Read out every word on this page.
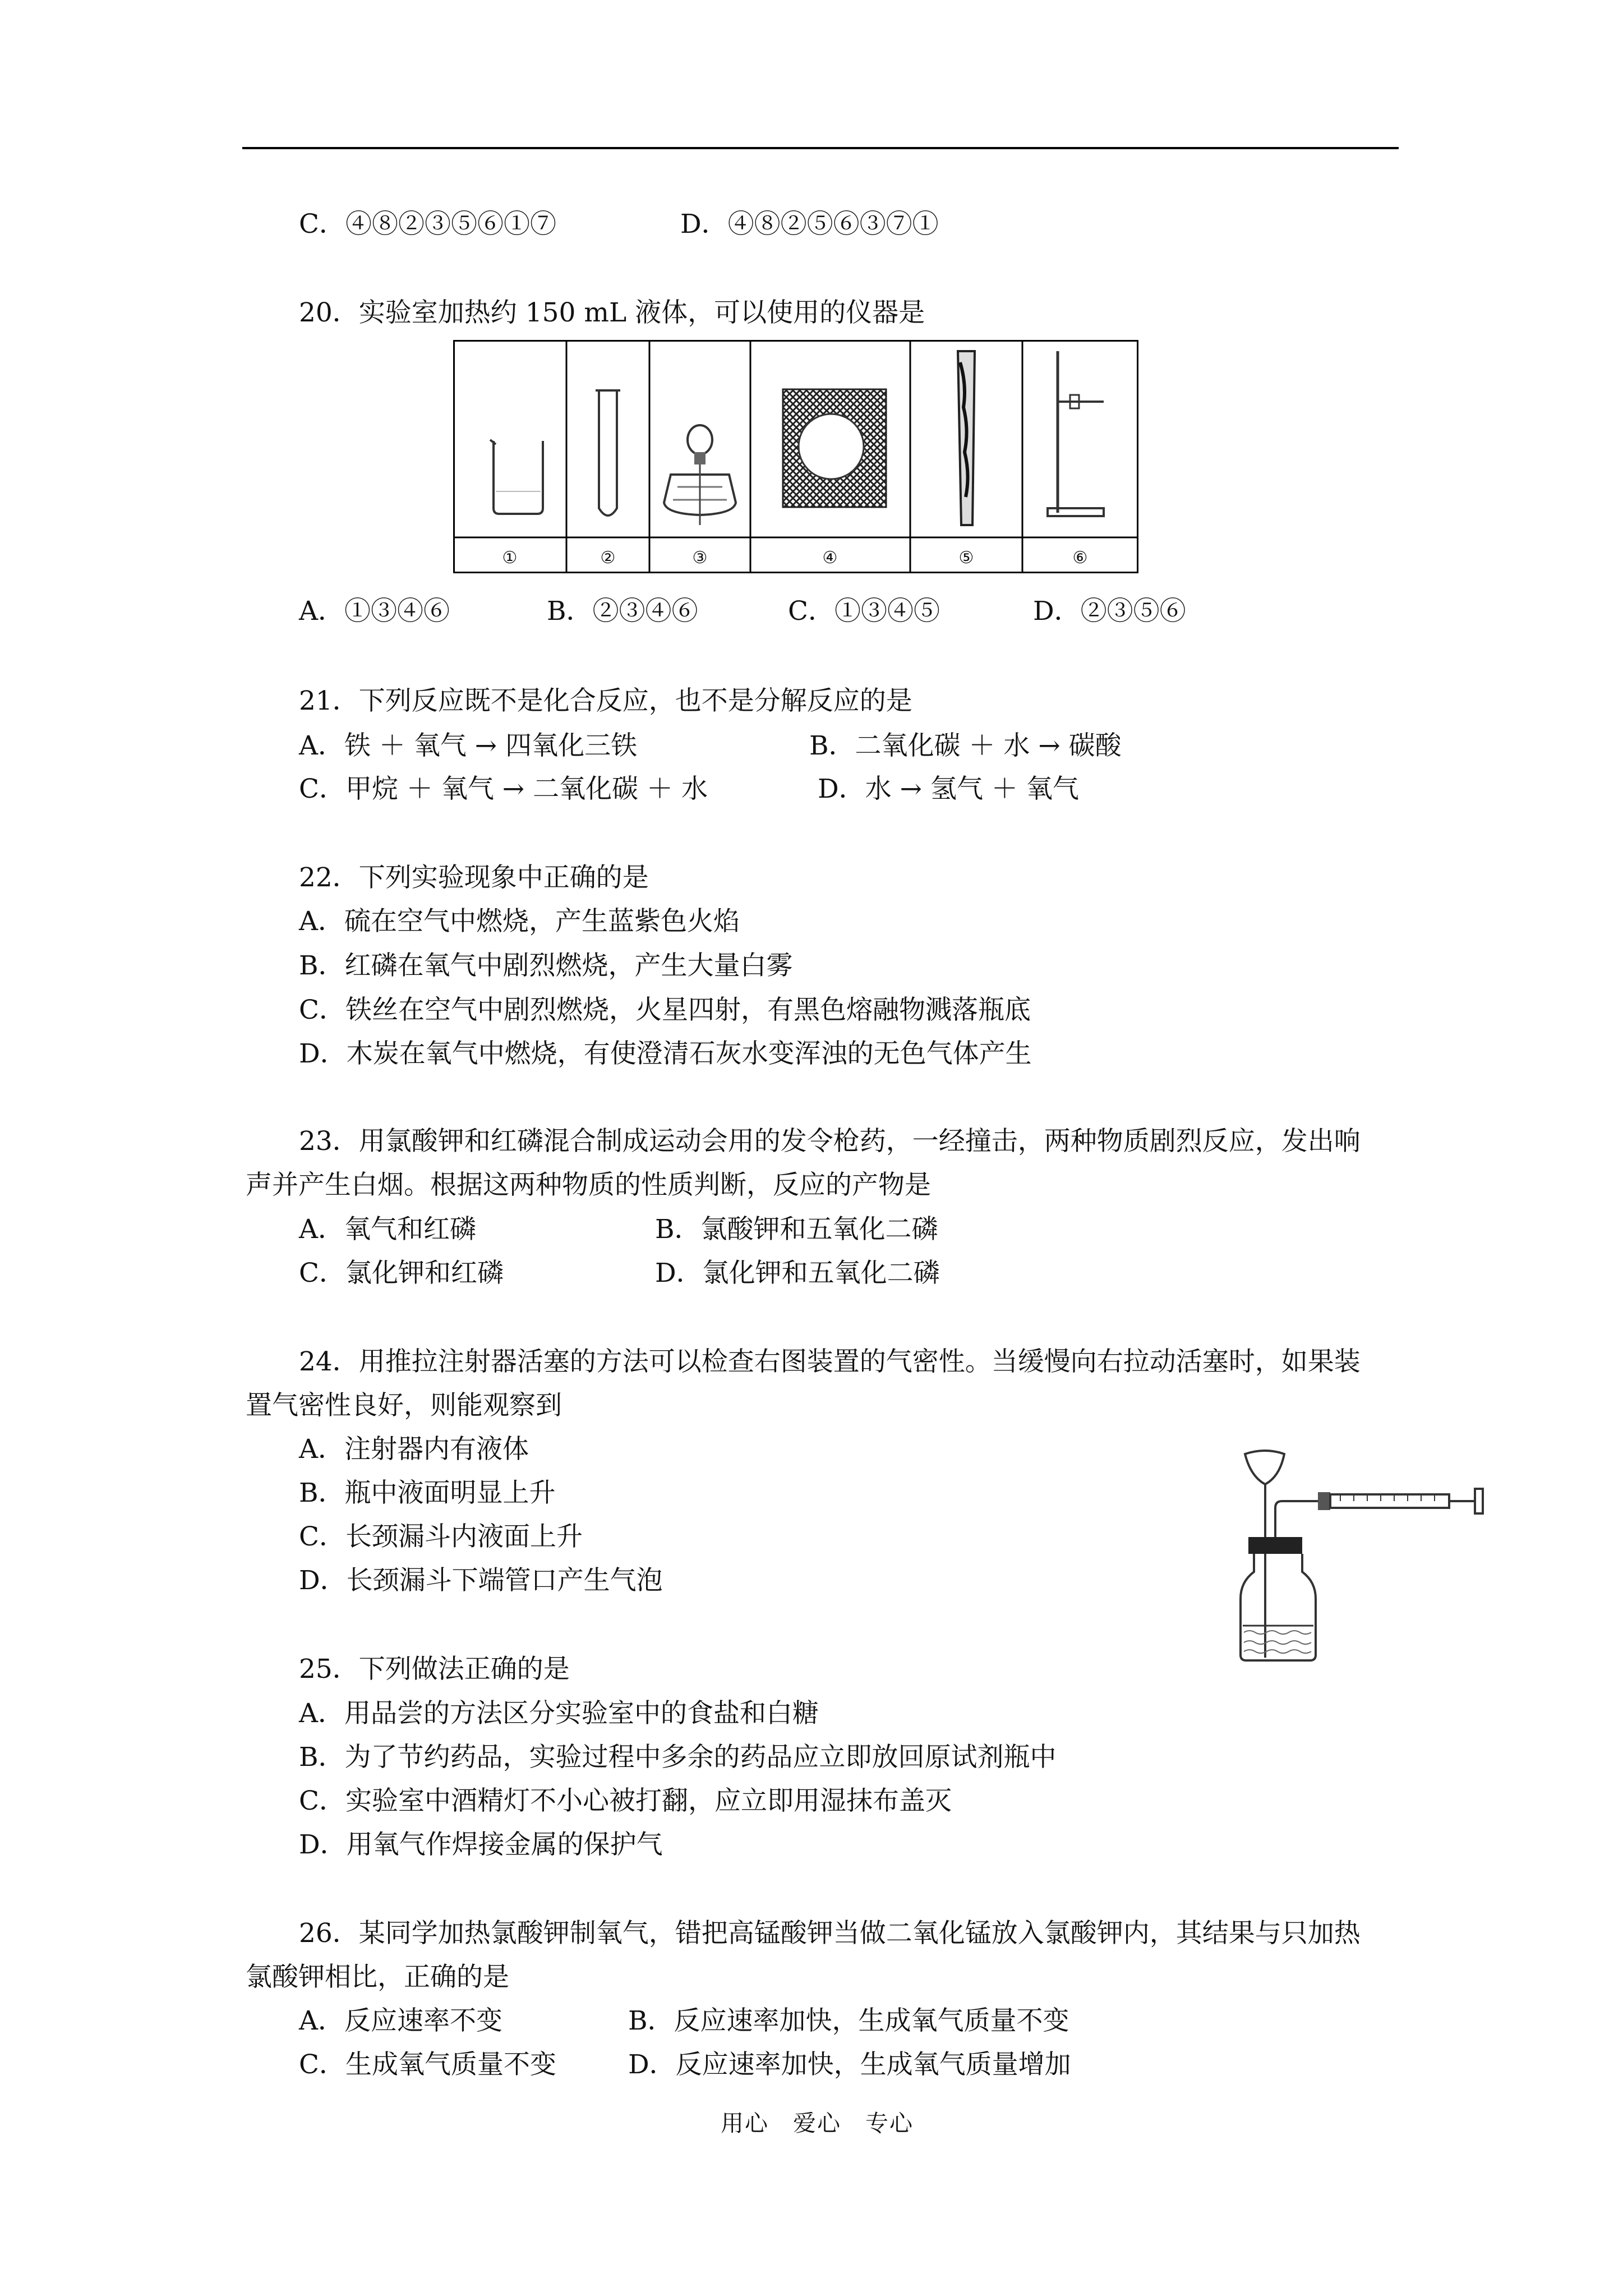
C．④⑧②③⑤⑥①⑦	D．④⑧②⑤⑥③⑦①
20．实验室加热约 150 mL 液体，可以使用的仪器是
①	②	③	④	⑤	⑥
A．①③④⑥	B．②③④⑥	C．①③④⑤	D．②③⑤⑥
21．下列反应既不是化合反应，也不是分解反应的是
A．铁 ＋ 氧气 → 四氧化三铁	B．二氧化碳 ＋ 水 → 碳酸
C．甲烷 ＋ 氧气 → 二氧化碳 ＋ 水	D．水 → 氢气 ＋ 氧气
22．下列实验现象中正确的是
A．硫在空气中燃烧，产生蓝紫色火焰
B．红磷在氧气中剧烈燃烧，产生大量白雾
C．铁丝在空气中剧烈燃烧，火星四射，有黑色熔融物溅落瓶底
D．木炭在氧气中燃烧，有使澄清石灰水变浑浊的无色气体产生
23．用氯酸钾和红磷混合制成运动会用的发令枪药，一经撞击，两种物质剧烈反应，发出响
声并产生白烟。根据这两种物质的性质判断，反应的产物是
A．氧气和红磷	B．氯酸钾和五氧化二磷
C．氯化钾和红磷	D．氯化钾和五氧化二磷
24．用推拉注射器活塞的方法可以检查右图装置的气密性。当缓慢向右拉动活塞时，如果装
置气密性良好，则能观察到
A．注射器内有液体
B．瓶中液面明显上升
C．长颈漏斗内液面上升
D．长颈漏斗下端管口产生气泡
25．下列做法正确的是
A．用品尝的方法区分实验室中的食盐和白糖
B．为了节约药品，实验过程中多余的药品应立即放回原试剂瓶中
C．实验室中酒精灯不小心被打翻，应立即用湿抹布盖灭
D．用氧气作焊接金属的保护气
26．某同学加热氯酸钾制氧气，错把高锰酸钾当做二氧化锰放入氯酸钾内，其结果与只加热
氯酸钾相比，正确的是
A．反应速率不变	B．反应速率加快，生成氧气质量不变
C．生成氧气质量不变	D．反应速率加快，生成氧气质量增加
用心　爱心　专心
